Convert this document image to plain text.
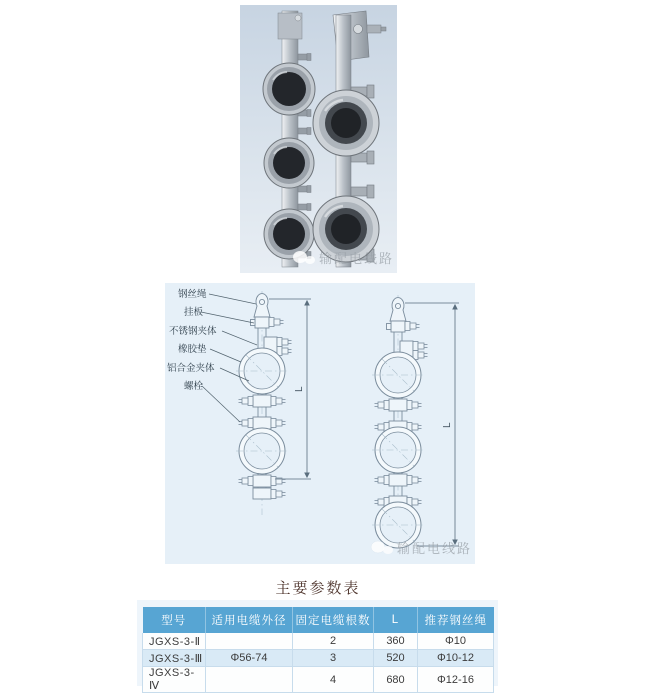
输配电线路
L
钢丝绳
挂板
不锈钢夹体
橡胶垫
铝合金夹体
螺栓
L
输配电线路
主要参数表
型号	适用电缆外径	固定电缆根数	L	推荐钢丝绳
JGXS-3-Ⅱ		2	360	Φ10
JGXS-3-Ⅲ	Φ56-74	3	520	Φ10-12
JGXS-3-Ⅳ		4	680	Φ12-16
